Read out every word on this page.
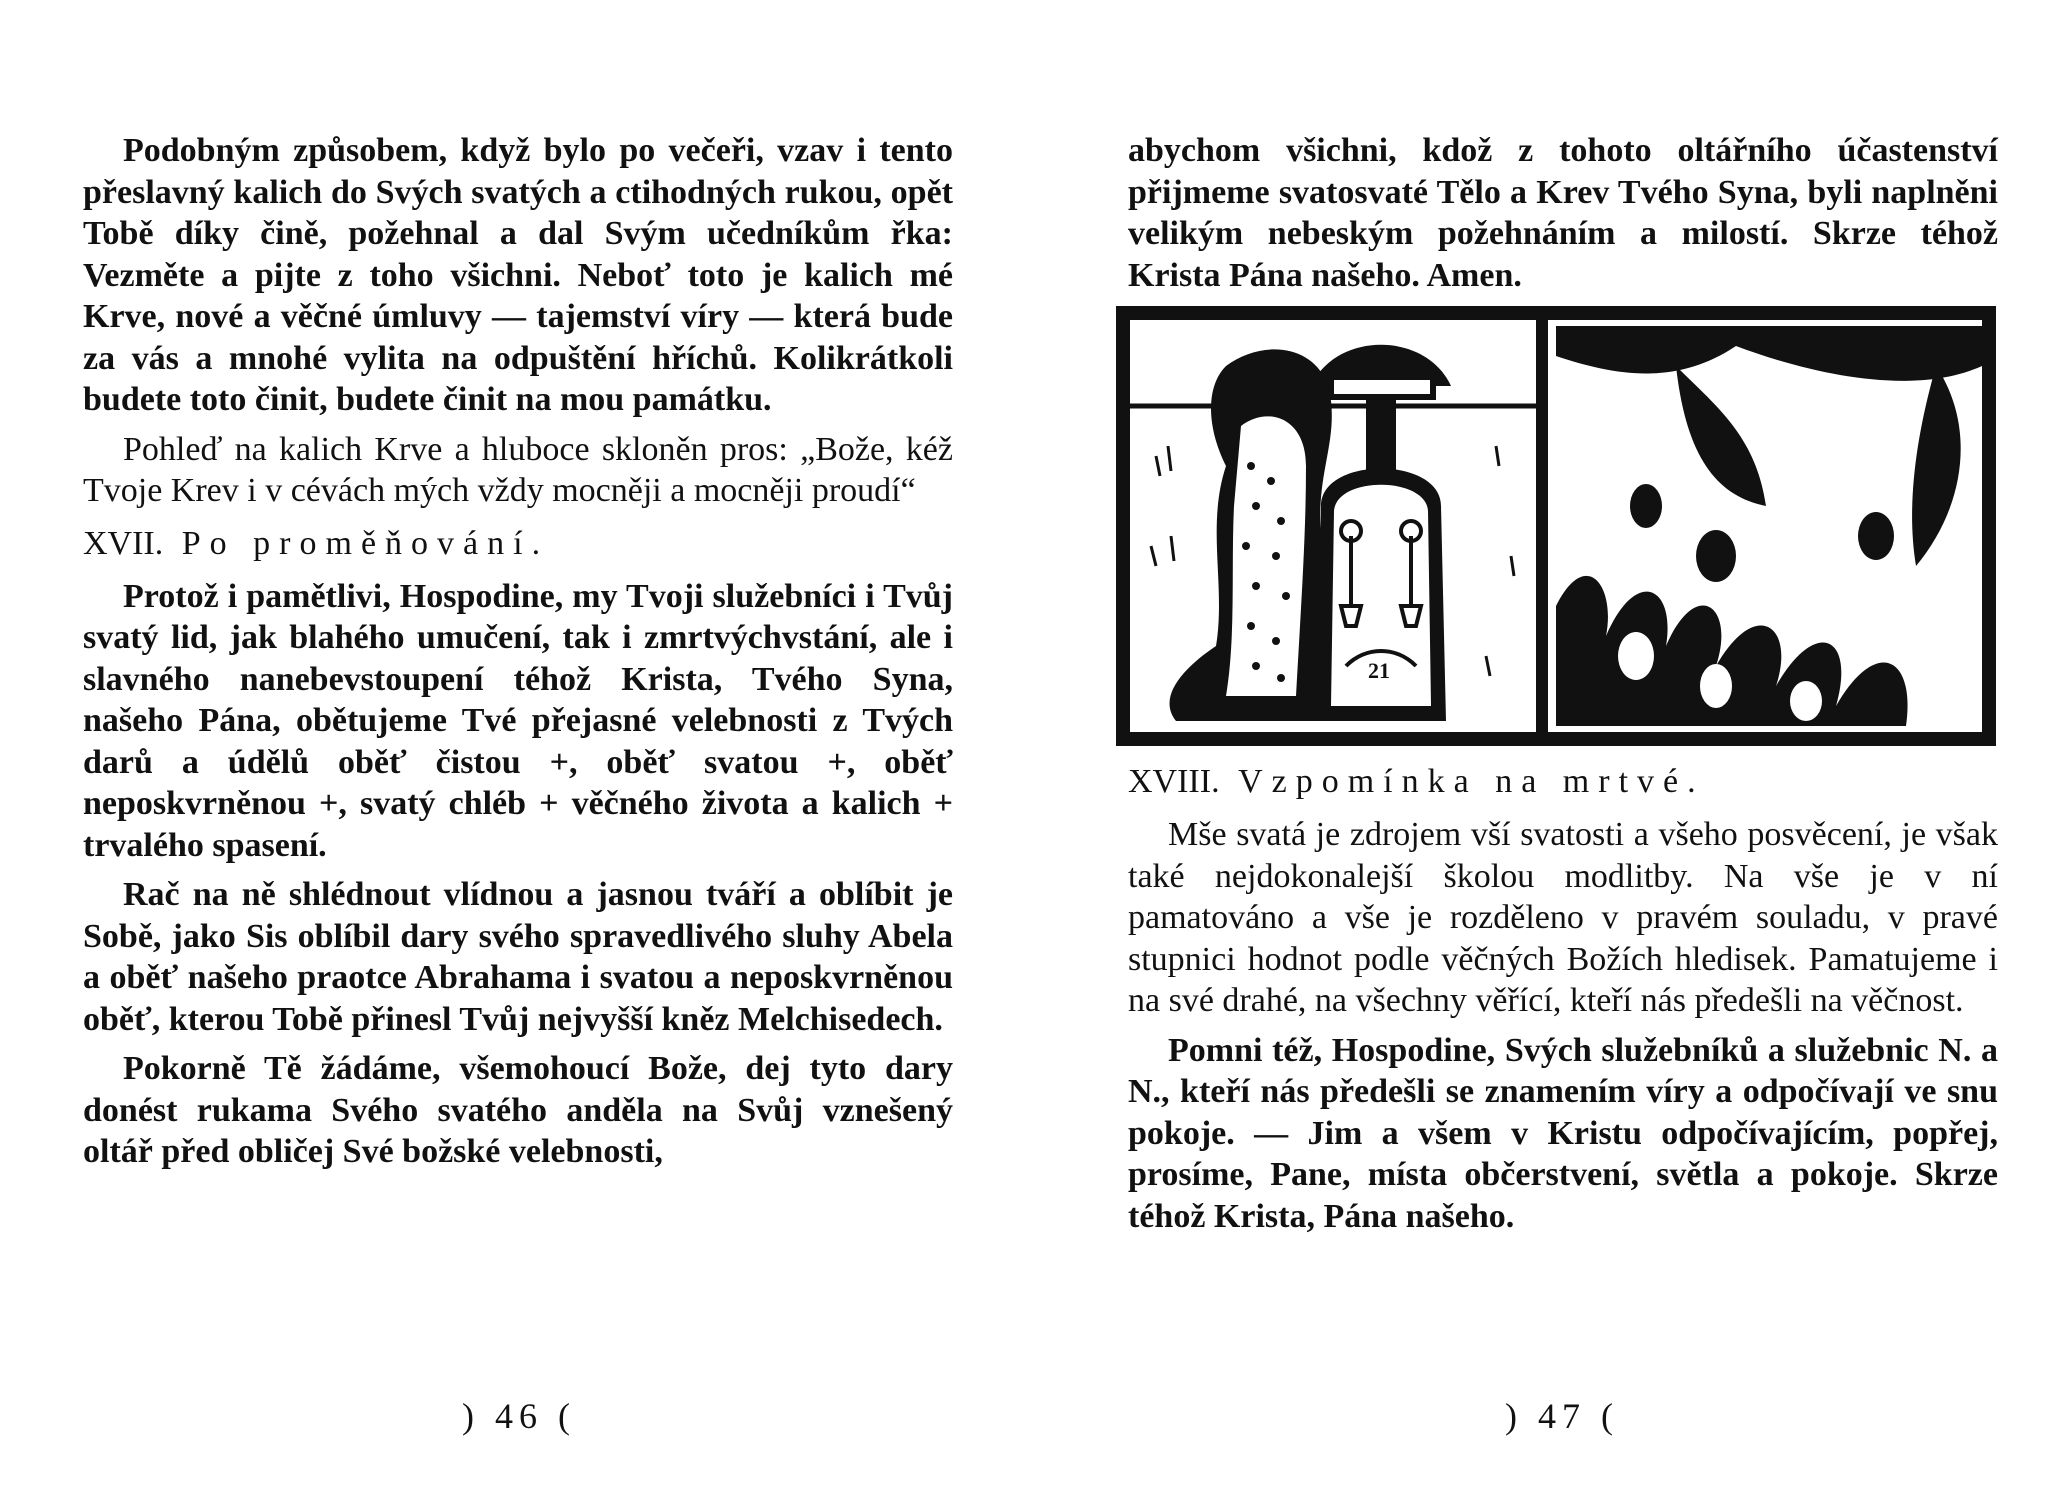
Podobným způsobem, když bylo po večeři, vzav i tento přeslavný kalich do Svých svatých a ctihodných rukou, opět Tobě díky čině, požehnal a dal Svým učedníkům řka: Vezměte a pijte z toho všichni. Neboť toto je kalich mé Krve, nové a věčné úmluvy — tajemství víry — která bude za vás a mnohé vylita na odpuštění hříchů. Kolikrátkoli budete toto činit, budete činit na mou památku.

Pohleď na kalich Krve a hluboce skloněn pros: „Bože, kéž Tvoje Krev i v cévách mých vždy mocněji a mocněji proudí“

XVII. Po proměňování.

Protož i pamětlivi, Hospodine, my Tvoji služebníci i Tvůj svatý lid, jak blahého umučení, tak i zmrtvýchvstání, ale i slavného nanebevstoupení téhož Krista, Tvého Syna, našeho Pána, obětujeme Tvé přejasné velebnosti z Tvých darů a údělů oběť čistou +, oběť svatou +, oběť neposkvrněnou +, svatý chléb + věčného života a kalich + trvalého spasení.

Rač na ně shlédnout vlídnou a jasnou tváří a oblíbit je Sobě, jako Sis oblíbil dary svého spravedlivého sluhy Abela a oběť našeho praotce Abrahama i svatou a neposkvrněnou oběť, kterou Tobě přinesl Tvůj nejvyšší kněz Melchisedech.

Pokorně Tě žádáme, všemohoucí Bože, dej tyto dary donést rukama Svého svatého anděla na Svůj vznešený oltář před obličej Své božské velebnosti,

) 46 (

abychom všichni, kdož z tohoto oltářního účastenství přijmeme svatosvaté Tělo a Krev Tvého Syna, byli naplněni velikým nebeským požehnáním a milostí. Skrze téhož Krista Pána našeho. Amen.

21
XVIII. Vzpomínka na mrtvé.

Mše svatá je zdrojem vší svatosti a všeho posvěcení, je však také nejdokonalejší školou modlitby. Na vše je v ní pamatováno a vše je rozděleno v pravém souladu, v pravé stupnici hodnot podle věčných Božích hledisek. Pamatujeme i na své drahé, na všechny věřící, kteří nás předešli na věčnost.

Pomni též, Hospodine, Svých služebníků a služebnic N. a N., kteří nás předešli se znamením víry a odpočívají ve snu pokoje. — Jim a všem v Kristu odpočívajícím, popřej, prosíme, Pane, místa občerstvení, světla a pokoje. Skrze téhož Krista, Pána našeho.

) 47 (
